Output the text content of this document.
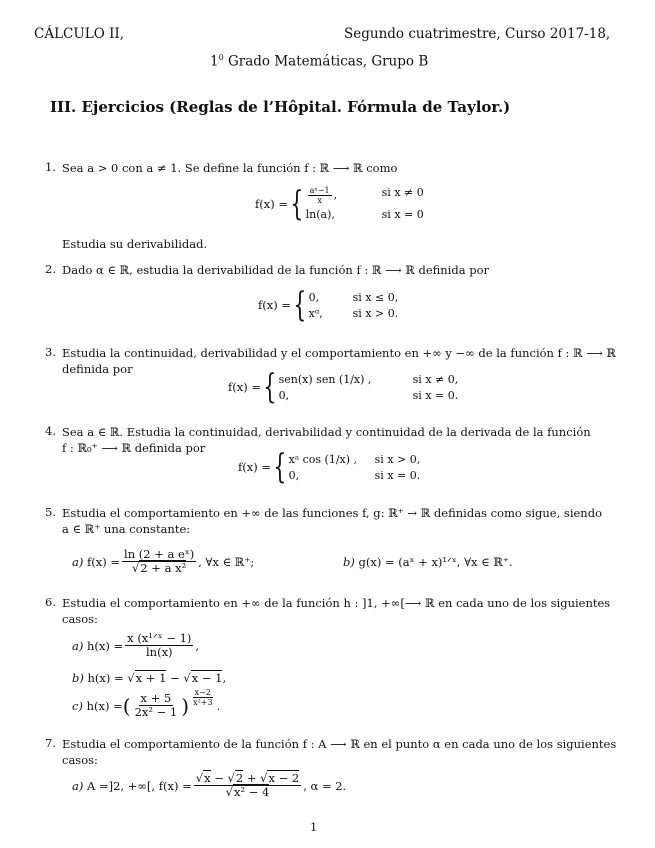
CÁLCULO II,	Segundo cuatrimestre, Curso 2017-18,
$1^0$ Grado Matemáticas, Grupo B
III. Ejercicios (Reglas de l’Hôpital. Fórmula de Taylor.)
1. Sea a > 0 con a ≠ 1. Se define la función f : ℝ ⟶ ℝ como
f(x) = { $\frac{\text{aˣ−1}}{x}$ ,	si x ≠ 0
ln(a),	si x = 0
Estudia su derivabilidad.
2. Dado α ∈ ℝ, estudia la derivabilidad de la función f : ℝ ⟶ ℝ definida por
f(x) = { 0,	si x ≤ 0,
xᵅ,	si x > 0.
3. Estudia la continuidad, derivabilidad y el comportamiento en +∞ y −∞ de la función f : ℝ ⟶ ℝ
definida por
f(x) = { sen(x) sen (1/x) ,	si x ≠ 0,
0,	si x = 0.
4. Sea a ∈ ℝ. Estudia la continuidad, derivabilidad y continuidad de la derivada de la función
f : ℝ₀⁺ ⟶ ℝ definida por
f(x) = { xᵃ cos (1/x) ,	si x > 0,
0,	si x = 0.
5. Estudia el comportamiento en +∞ de las funciones f, g: ℝ⁺ → ℝ definidas como sigue, siendo
a ∈ ℝ⁺ una constante:
a)
$f(x) = \frac{\text{ln (2 + a eˣ)}}{\text{√2 + a x²}}$ , ∀x ∈ ℝ⁺;	b)
g(x) = (aˣ + x)¹ᐟˣ, ∀x ∈ ℝ⁺.
6. Estudia el comportamiento en +∞ de la función h : ]1, +∞[⟶ ℝ en cada uno de los siguientes
casos:
a)
$h(x) = \frac{\text{x (x¹ᐟˣ − 1)}}{\ln(x)}$ ,
b)
h(x) = √ x + 1 − √ x − 1 ,
c)
h(x) = ( $\frac{x + 5}{\text{2x² − 1}}$ ) $\frac{x-2}{\text{x²+3}}$ .
7. Estudia el comportamiento de la función f : A ⟶ ℝ en el punto α en cada uno de los siguientes
casos:
a)
A =]2, +∞[,
$f(x) = \frac{√x - √2 + √x - 2}{\text{√x² − 4}}$ , α = 2.
1
